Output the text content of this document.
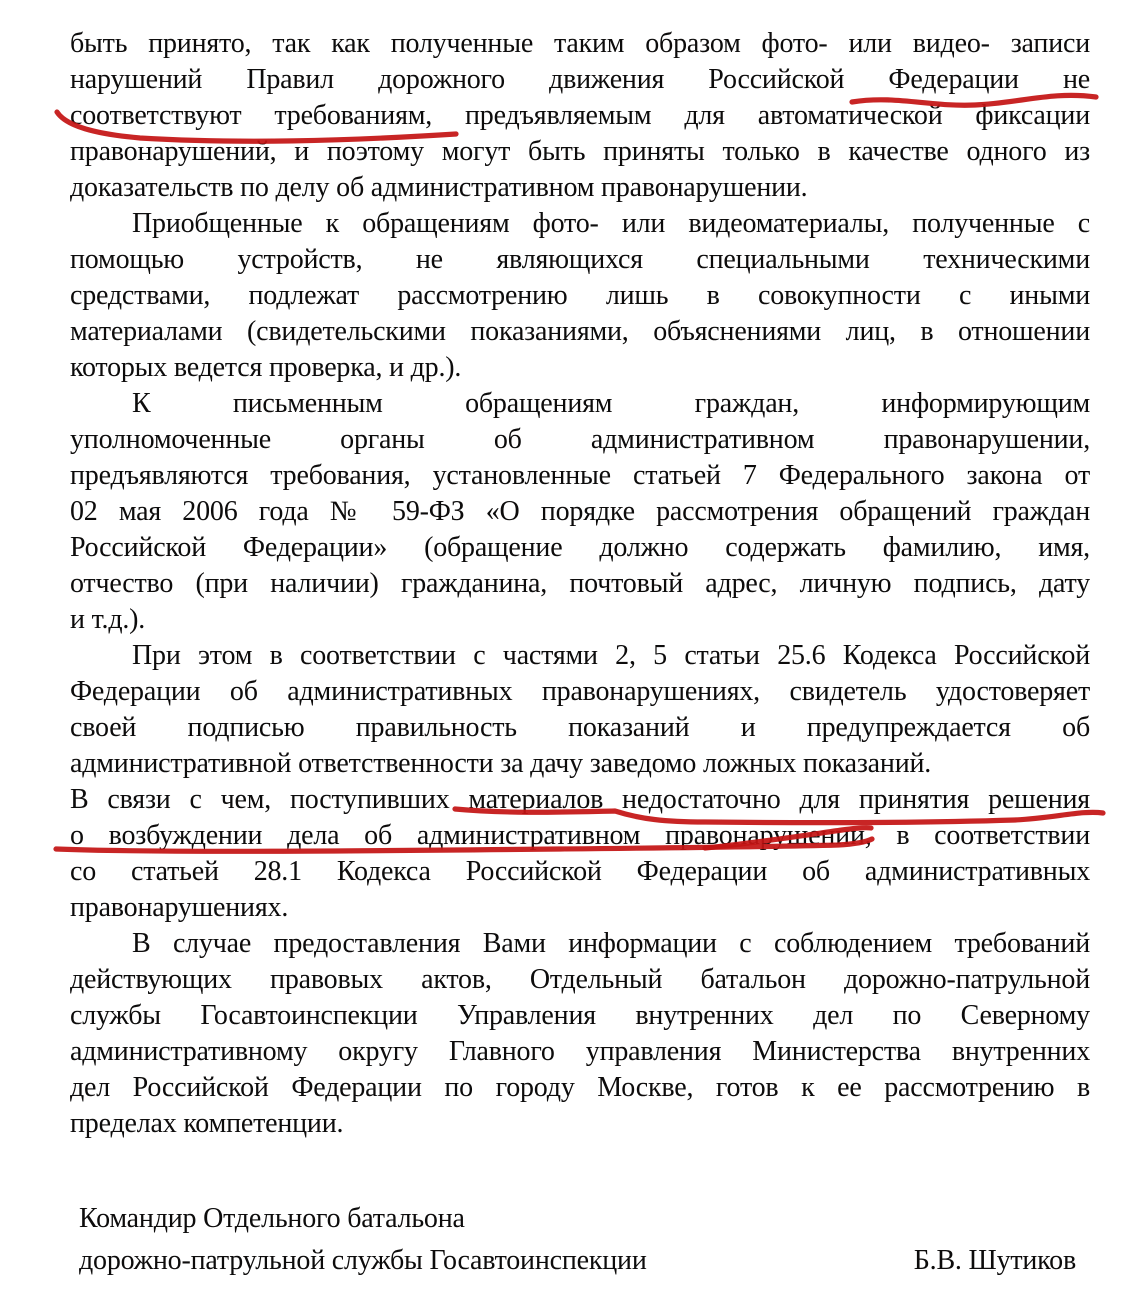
быть принято, так как полученные таким образом фото- или видео- записи
нарушений Правил дорожного движения Российской Федерации не
соответствуют требованиям, предъявляемым для автоматической фиксации
правонарушений, и поэтому могут быть приняты только в качестве одного из
доказательств по делу об административном правонарушении.
Приобщенные к обращениям фото- или видеоматериалы, полученные с
помощью устройств, не являющихся специальными техническими
средствами, подлежат рассмотрению лишь в совокупности с иными
материалами (свидетельскими показаниями, объяснениями лиц, в отношении
которых ведется проверка, и др.).
К письменным обращениям граждан, информирующим
уполномоченные органы об административном правонарушении,
предъявляются требования, установленные статьей 7 Федерального закона от
02 мая 2006 года № 59-ФЗ «О порядке рассмотрения обращений граждан
Российской Федерации» (обращение должно содержать фамилию, имя,
отчество (при наличии) гражданина, почтовый адрес, личную подпись, дату
и т.д.).
При этом в соответствии с частями 2, 5 статьи 25.6 Кодекса Российской
Федерации об административных правонарушениях, свидетель удостоверяет
своей подписью правильность показаний и предупреждается об
административной ответственности за дачу заведомо ложных показаний.
В связи с чем, поступивших материалов недостаточно для принятия решения
о возбуждении дела об административном правонарушении, в соответствии
со статьей 28.1 Кодекса Российской Федерации об административных
правонарушениях.
В случае предоставления Вами информации с соблюдением требований
действующих правовых актов, Отдельный батальон дорожно-патрульной
службы Госавтоинспекции Управления внутренних дел по Северному
административному округу Главного управления Министерства внутренних
дел Российской Федерации по городу Москве, готов к ее рассмотрению в
пределах компетенции.
Командир Отдельного батальона
дорожно-патрульной службы Госавтоинспекции	Б.В. Шутиков
